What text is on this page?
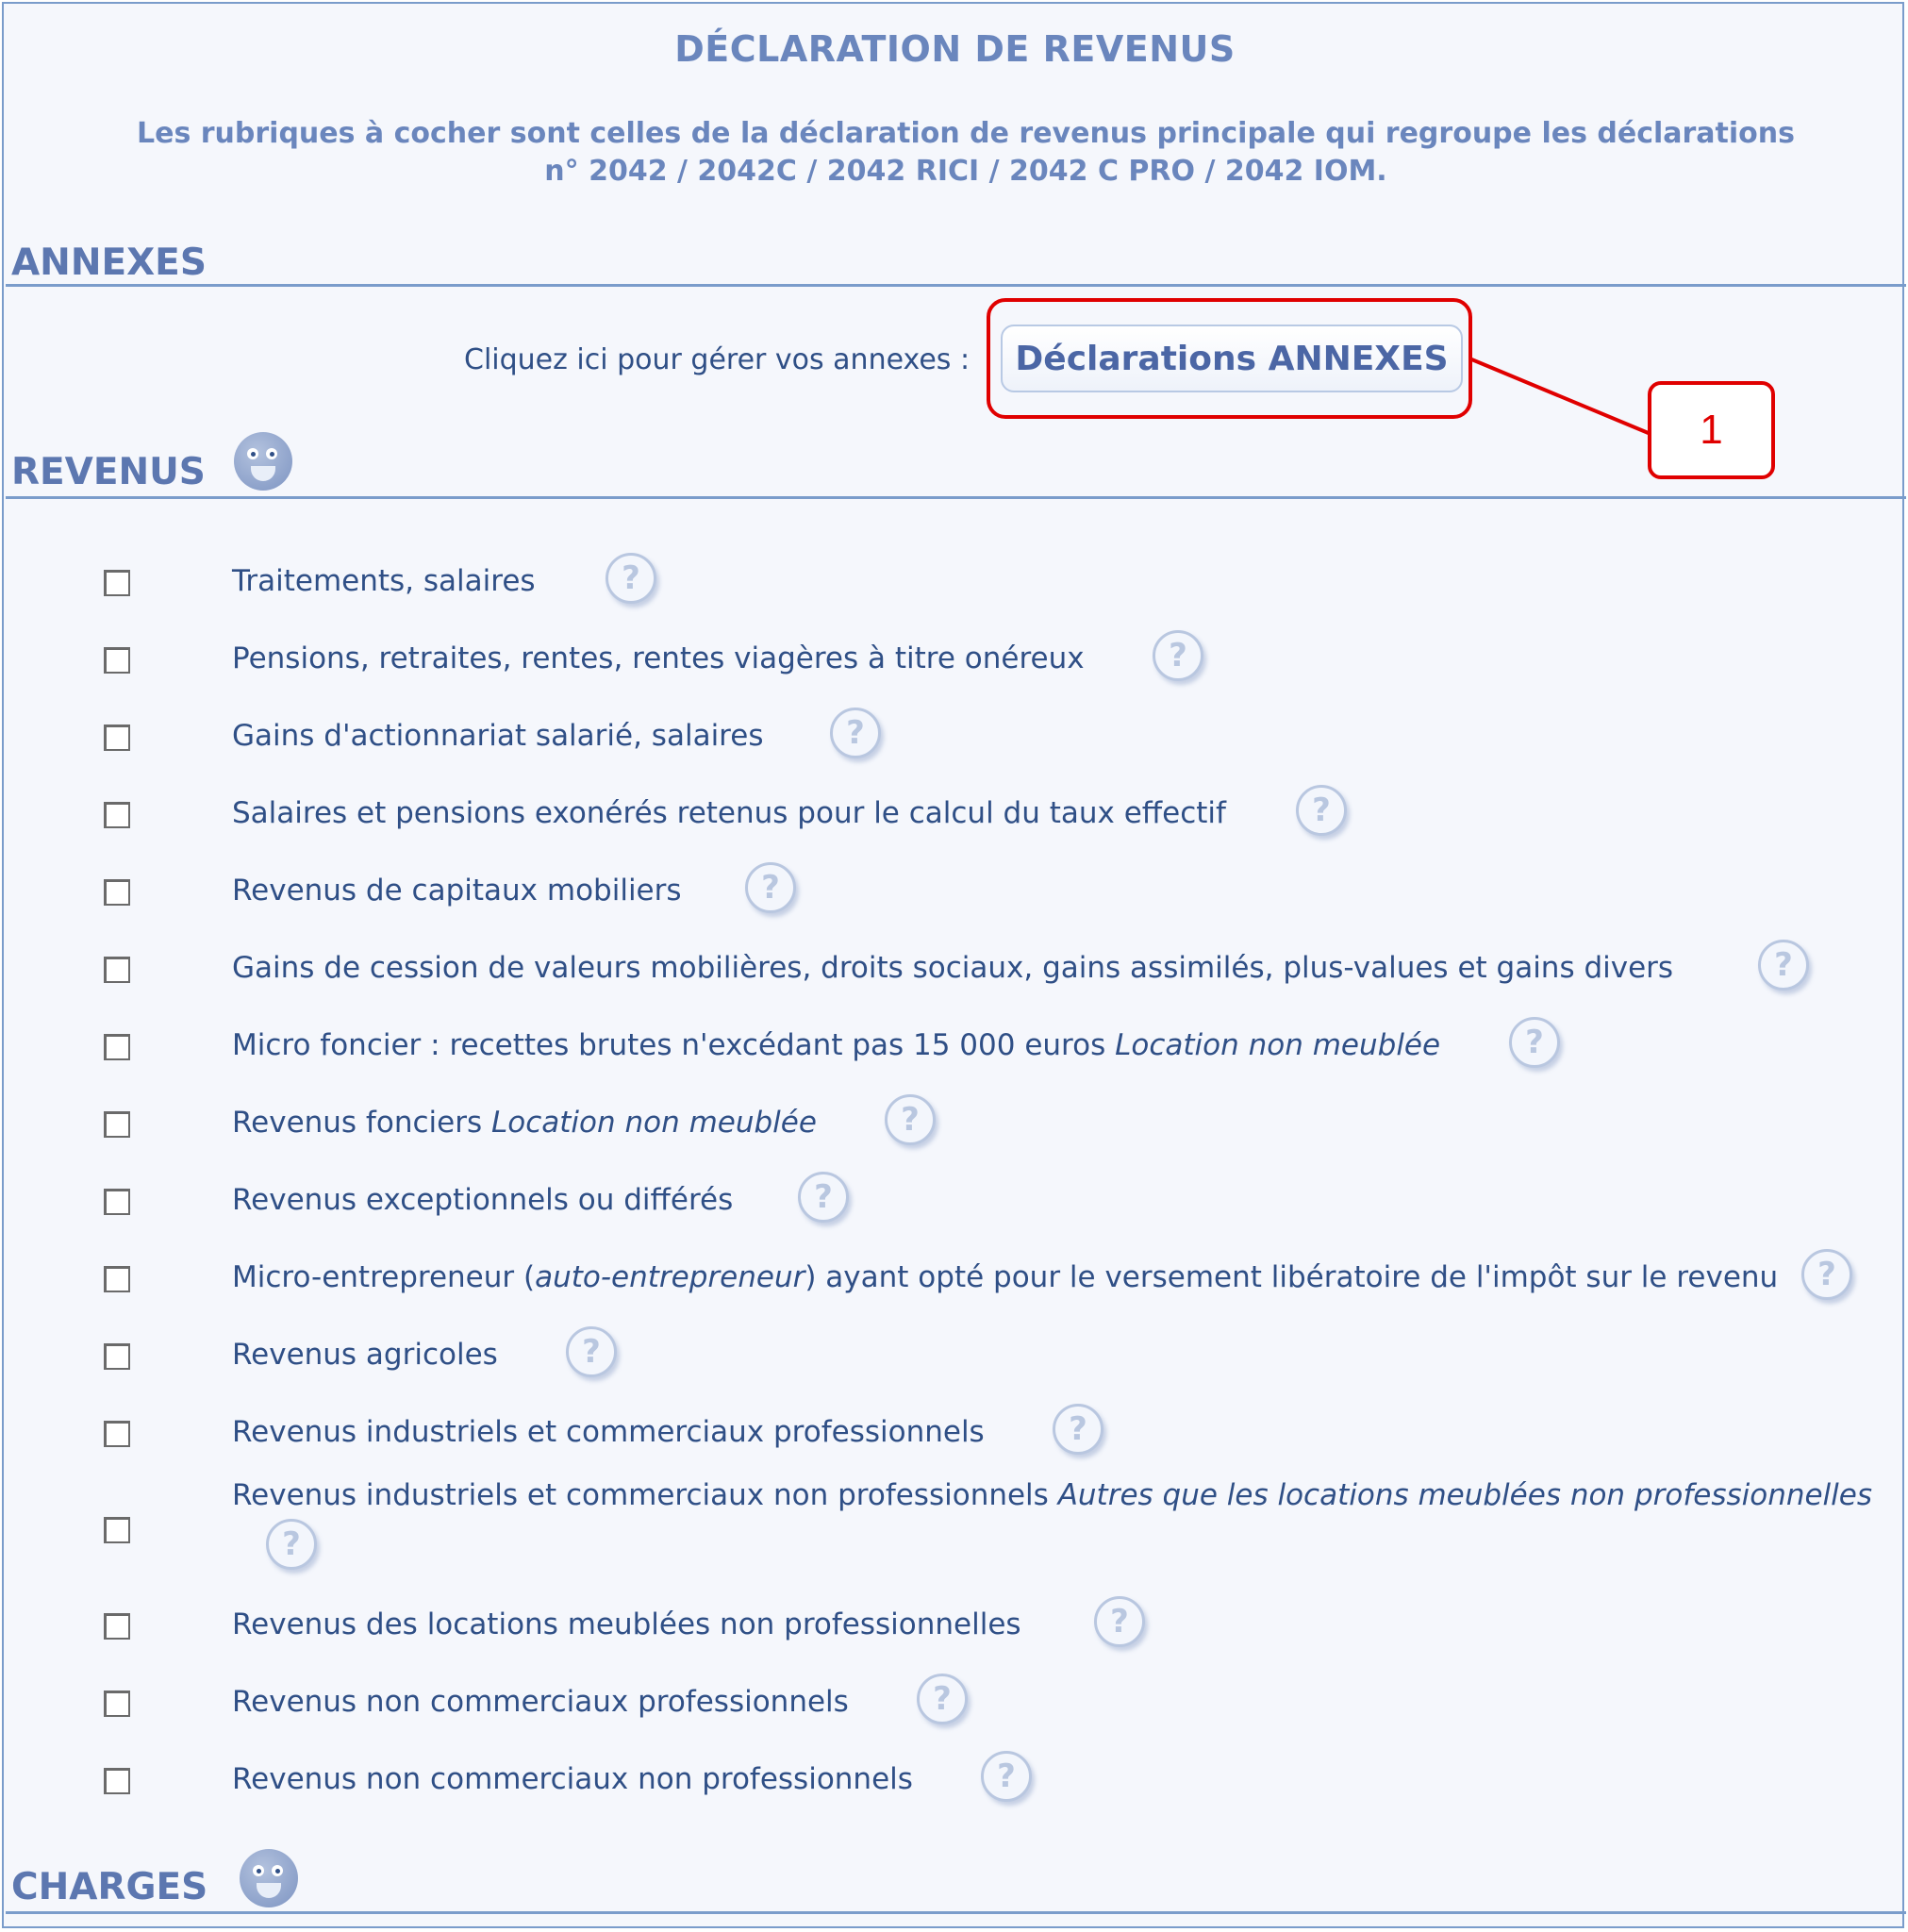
DÉCLARATION DE REVENUS
Les rubriques à cocher sont celles de la déclaration de revenus principale qui regroupe les déclarations
n° 2042 / 2042C / 2042 RICI / 2042 C PRO / 2042 IOM.
ANNEXES
Cliquez ici pour gérer vos annexes :	Déclarations ANNEXES
1
REVENUS
Traitements, salaires	?
Pensions, retraites, rentes, rentes viagères à titre onéreux	?
Gains d'actionnariat salarié, salaires	?
Salaires et pensions exonérés retenus pour le calcul du taux effectif	?
Revenus de capitaux mobiliers	?
Gains de cession de valeurs mobilières, droits sociaux, gains assimilés, plus-values et gains divers	?
Micro foncier : recettes brutes n'excédant pas 15 000 euros Location non meublée	?
Revenus fonciers Location non meublée	?
Revenus exceptionnels ou différés	?
Micro-entrepreneur (auto-entrepreneur) ayant opté pour le versement libératoire de l'impôt sur le revenu	?
Revenus agricoles	?
Revenus industriels et commerciaux professionnels	?
Revenus industriels et commerciaux non professionnels Autres que les locations meublées non professionnelles
?
Revenus des locations meublées non professionnelles	?
Revenus non commerciaux professionnels	?
Revenus non commerciaux non professionnels	?
CHARGES
